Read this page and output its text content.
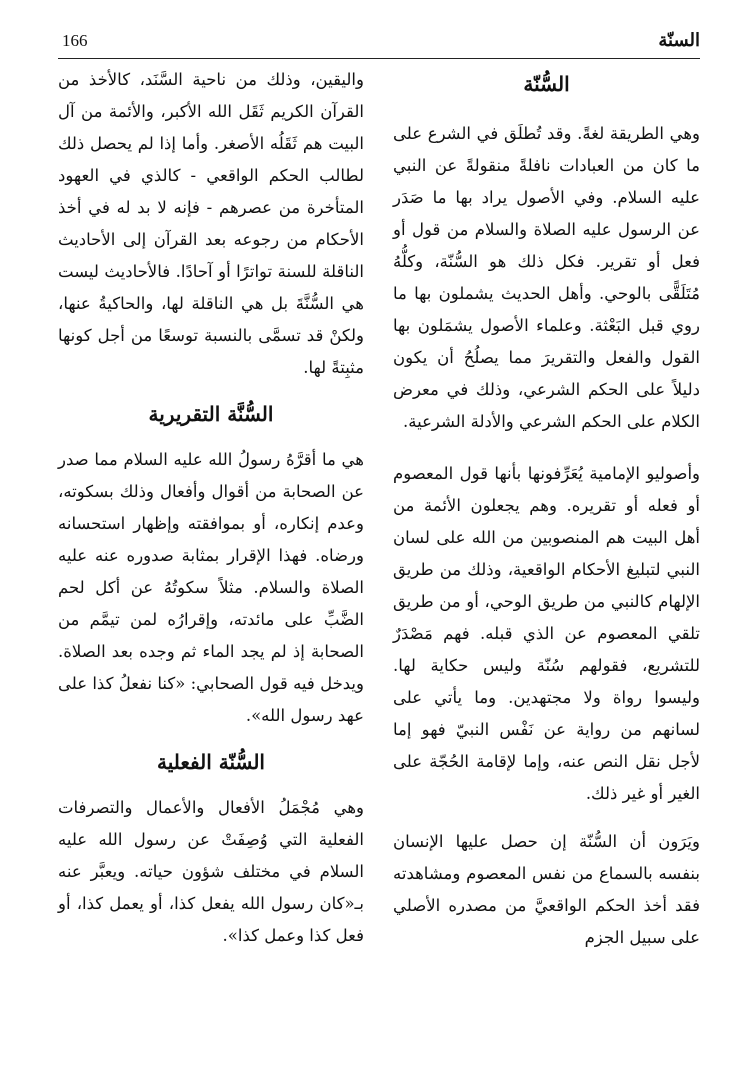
166	السنّة

السُّنّة

وهي الطريقة لغةً. وقد تُطلَق في الشرع على ما كان من العبادات نافلةً منقولةً عن النبي عليه السلام. وفي الأصول يراد بها ما صَدَر عن الرسول عليه الصلاة والسلام من قول أو فعل أو تقرير. فكل ذلك هو السُّنّة، وكلُّهُ مُتَلَقًّى بالوحي. وأهل الحديث يشملون بها ما روي قبل البَعْثة. وعلماء الأصول يشمَلون بها القول والفعل والتقريرَ مما يصلُحُ أن يكون دليلاً على الحكم الشرعي، وذلك في معرض الكلام على الحكم الشرعي والأدلة الشرعية.

وأصوليو الإمامية يُعَرِّفونها بأنها قول المعصوم أو فعله أو تقريره. وهم يجعلون الأئمة من أهل البيت هم المنصوبين من الله على لسان النبي لتبليغ الأحكام الواقعية، وذلك من طريق الإلهام كالنبي من طريق الوحي، أو من طريق تلقي المعصوم عن الذي قبله. فهم مَصْدَرٌ للتشريع، فقولهم سُنّة وليس حكاية لها. وليسوا رواة ولا مجتهدين. وما يأتي على لسانهم من رواية عن نَفْس النبيّ فهو إما لأجل نقل النص عنه، وإما لإقامة الحُجّة على الغير أو غير ذلك.

ويَرَون أن السُّنّة إن حصل عليها الإنسان بنفسه بالسماع من نفس المعصوم ومشاهدته فقد أخذ الحكم الواقعيَّ من مصدره الأصلي على سبيل الجزم

واليقين، وذلك من ناحية السَّنَد، كالأخذ من القرآن الكريم ثَقَل الله الأكبر، والأئمة من آل البيت هم ثَقَلُه الأصغر. وأما إذا لم يحصل ذلك لطالب الحكم الواقعي - كالذي في العهود المتأخرة من عصرهم - فإنه لا بد له في أخذ الأحكام من رجوعه بعد القرآن إلى الأحاديث الناقلة للسنة تواترًا أو آحادًا. فالأحاديث ليست هي السُّنَّةَ بل هي الناقلة لها، والحاكيةُ عنها، ولكنْ قد تسمَّى بالنسبة توسعًا من أجل كونها مثبِتةً لها.

السُّنَّة التقريرية

هي ما أقرَّهُ رسولُ الله عليه السلام مما صدر عن الصحابة من أقوال وأفعال وذلك بسكوته، وعدم إنكاره، أو بموافقته وإظهار استحسانه ورضاه. فهذا الإقرار بمثابة صدوره عنه عليه الصلاة والسلام. مثلاً سكوتُهُ عن أكل لحم الضَّبِّ على مائدته، وإقرارُه لمن تيمَّم من الصحابة إذ لم يجد الماء ثم وجده بعد الصلاة. ويدخل فيه قول الصحابي: «كنا نفعلُ كذا على عهد رسول الله».

السُّنّة الفعلية

وهي مُجْمَلُ الأفعال والأعمال والتصرفات الفعلية التي وُصِفَتْ عن رسول الله عليه السلام في مختلف شؤون حياته. ويعبَّر عنه بـ«كان رسول الله يفعل كذا، أو يعمل كذا، أو فعل كذا وعمل كذا».
